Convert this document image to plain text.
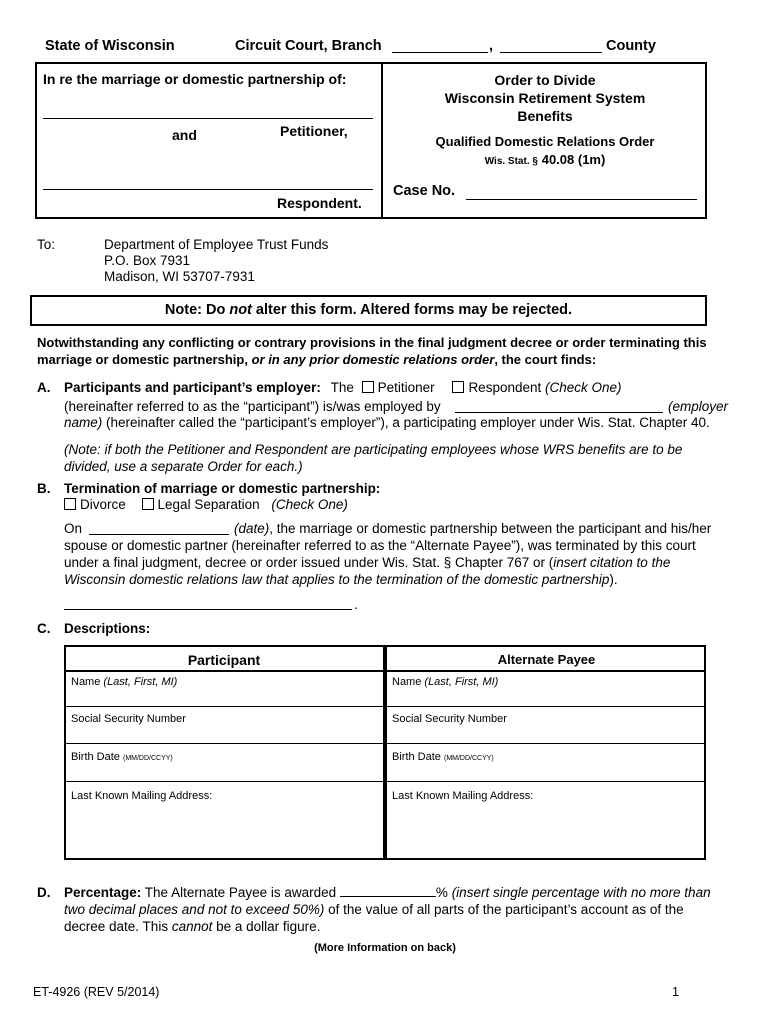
State of Wisconsin	Circuit Court, Branch	,	County
In re the marriage or domestic partnership of:
and	Petitioner,
Respondent.
Order to Divide
Wisconsin Retirement System
Benefits
Qualified Domestic Relations Order
Wis. Stat. § 40.08 (1m)
Case No.
To:	Department of Employee Trust Funds
P.O. Box 7931
Madison, WI 53707-7931
Note: Do not alter this form. Altered forms may be rejected.
Notwithstanding any conflicting or contrary provisions in the final judgment decree or order terminating this marriage or domestic partnership, or in any prior domestic relations order, the court finds:
A. Participants and participant’s employer: The Petitioner	Respondent (Check One)
(hereinafter referred to as the “participant”) is/was employed by	(employer
name) (hereinafter called the “participant’s employer”), a participating employer under Wis. Stat. Chapter 40.
(Note: if both the Petitioner and Respondent are participating employees whose WRS benefits are to be divided, use a separate Order for each.)
B. Termination of marriage or domestic partnership:
Divorce Legal Separation (Check One)
On	(date), the marriage or domestic partnership between the participant and his/her
spouse or domestic partner (hereinafter referred to as the “Alternate Payee”), was terminated by this court
under a final judgment, decree or order issued under Wis. Stat. § Chapter 767 or (insert citation to the
Wisconsin domestic relations law that applies to the termination of the domestic partnership).
.
C. Descriptions:
Participant	Alternate Payee
Name (Last, First, MI)	Name (Last, First, MI)
Social Security Number	Social Security Number
Birth Date (MM/DD/CCYY)	Birth Date (MM/DD/CCYY)
Last Known Mailing Address:	Last Known Mailing Address:
D. Percentage: The Alternate Payee is awarded	% (insert single percentage with no more than
two decimal places and not to exceed 50%) of the value of all parts of the participant’s account as of the
decree date. This cannot be a dollar figure.
(More Information on back)
ET-4926 (REV 5/2014)	1
